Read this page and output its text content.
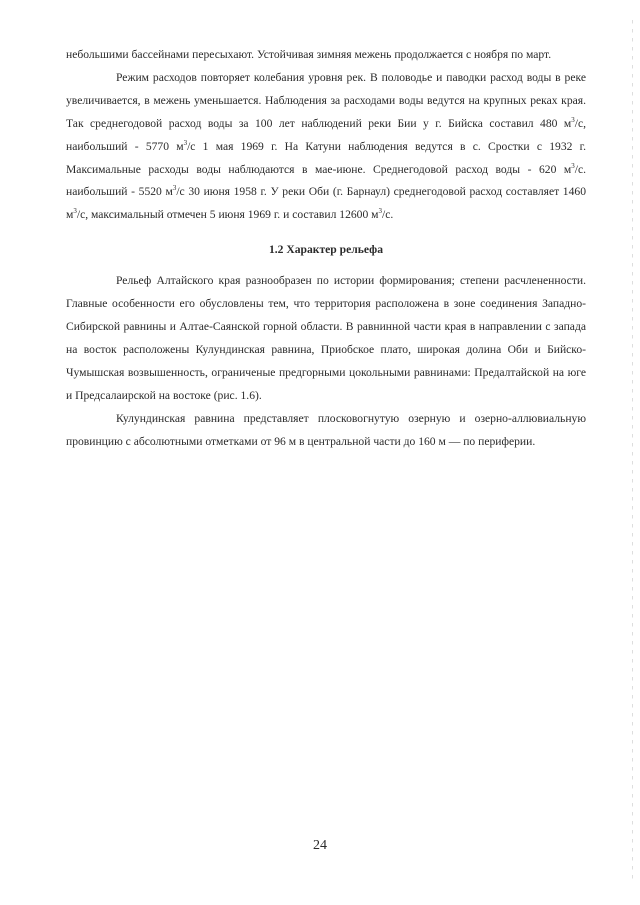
небольшими бассейнами пересыхают. Устойчивая зимняя межень продолжается с ноября по март.

Режим расходов повторяет колебания уровня рек. В половодье и паводки расход воды в реке увеличивается, в межень уменьшается. Наблюдения за расходами воды ведутся на крупных реках края. Так среднегодовой расход воды за 100 лет наблюдений реки Бии у г. Бийска составил 480 $м^3/с$, наибольший - 5770 $м^3/с$ 1 мая 1969 г. На Катуни наблюдения ведутся в с. Сростки с 1932 г. Максимальные расходы воды наблюдаются в мае-июне. Среднегодовой расход воды - 620 $м^3/с$. наибольший - 5520 $м^3/с$ 30 июня 1958 г. У реки Оби (г. Барнаул) среднегодовой расход составляет 1460 $м^3/с$, максимальный отмечен 5 июня 1969 г. и составил 12600 $м^3/с$.

1.2 Характер рельефа

Рельеф Алтайского края разнообразен по истории формирования; степени расчлененности. Главные особенности его обусловлены тем, что территория расположена в зоне соединения Западно-Сибирской равнины и Алтае-Саянской горной области. В равнинной части края в направлении с запада на восток расположены Кулундинская равнина, Приобское плато, широкая долина Оби и Бийско-Чумышская возвышенность, ограниченые предгорными цокольными равнинами: Предалтайской на юге и Предсалаирской на востоке (рис. 1.6).

Кулундинская равнина представляет плосковогнутую озерную и озерно-аллювиальную провинцию с абсолютными отметками от 96 м в центральной части до 160 м — по периферии.

24
